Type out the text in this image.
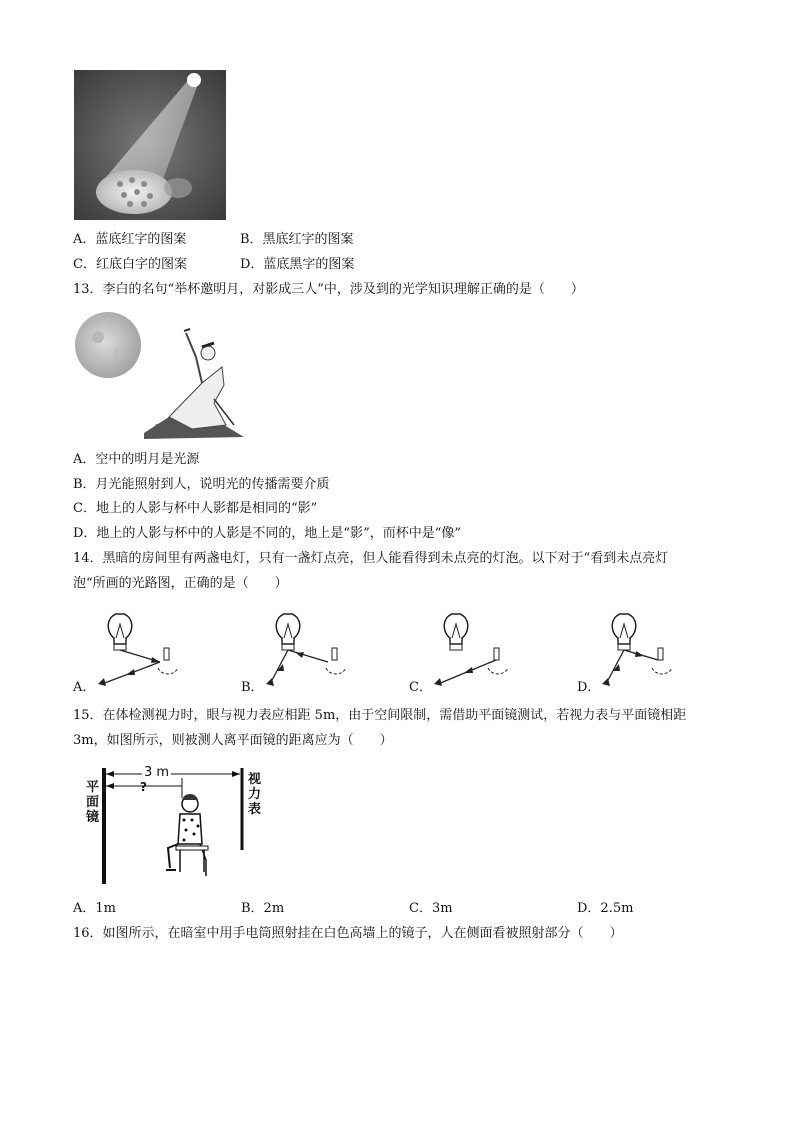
A．蓝底红字的图案	B．黑底红字的图案
C．红底白字的图案	D．蓝底黑字的图案
13．李白的名句“举杯邀明月，对影成三人”中，涉及到的光学知识理解正确的是（　　）
A．空中的明月是光源
B．月光能照射到人，说明光的传播需要介质
C．地上的人影与杯中人影都是相同的“影”
D．地上的人影与杯中的人影是不同的，地上是“影”，而杯中是“像”
14．黑暗的房间里有两盏电灯，只有一盏灯点亮，但人能看得到未点亮的灯泡。以下对于“看到未点亮灯
泡“所画的光路图，正确的是（　　）
A．	B．	C．	D．
15．在体检测视力时，眼与视力表应相距 5m，由于空间限制，需借助平面镜测试，若视力表与平面镜相距
3m，如图所示，则被测人离平面镜的距离应为（　　）
3 m
?
平面镜
视力表
A．1m	B．2m	C．3m	D．2.5m
16．如图所示，在暗室中用手电筒照射挂在白色高墙上的镜子，人在侧面看被照射部分（　　）
